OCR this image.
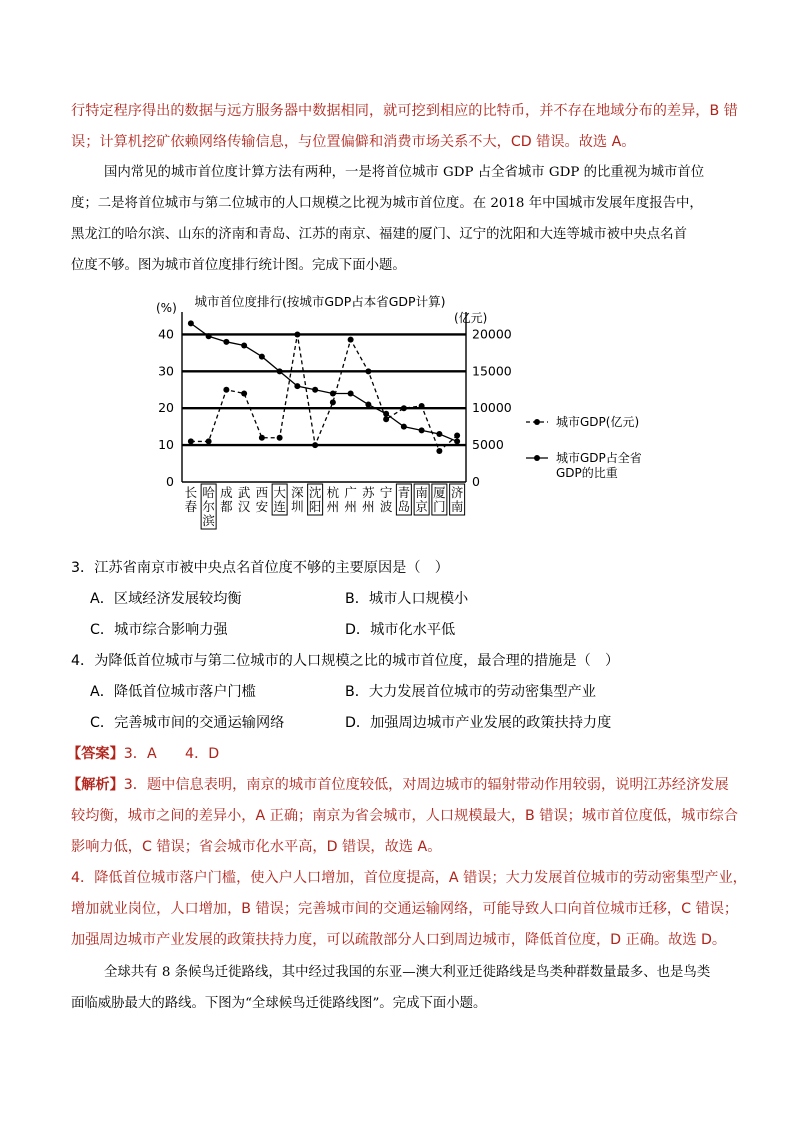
行特定程序得出的数据与远方服务器中数据相同，就可挖到相应的比特币，并不存在地域分布的差异，B 错
误；计算机挖矿依赖网络传输信息，与位置偏僻和消费市场关系不大，CD 错误。故选 A。
国内常见的城市首位度计算方法有两种，一是将首位城市 GDP 占全省城市 GDP 的比重视为城市首位
度；二是将首位城市与第二位城市的人口规模之比视为城市首位度。在 2018 年中国城市发展年度报告中，
黑龙江的哈尔滨、山东的济南和青岛、江苏的南京、福建的厦门、辽宁的沈阳和大连等城市被中央点名首
位度不够。图为城市首位度排行统计图。完成下面小题。
城市首位度排行(按城市GDP占本省GDP计算)
(%)
(亿元)
0
10
20
30
40
0
5000
10000
15000
20000
长春
哈尔滨
成都
武汉
西安
大连
深圳
沈阳
杭州
广州
苏州
宁波
青岛
南京
厦门
济南
城市GDP(亿元)
城市GDP占全省 GDP的比重
3．江苏省南京市被中央点名首位度不够的主要原因是（　）
A．区域经济发展较均衡	B．城市人口规模小
C．城市综合影响力强	D．城市化水平低
4．为降低首位城市与第二位城市的人口规模之比的城市首位度，最合理的措施是（　）
A．降低首位城市落户门槛	B．大力发展首位城市的劳动密集型产业
C．完善城市间的交通运输网络	D．加强周边城市产业发展的政策扶持力度
【答案】3．A　　4．D
【解析】3．题中信息表明，南京的城市首位度较低，对周边城市的辐射带动作用较弱，说明江苏经济发展
较均衡，城市之间的差异小，A 正确；南京为省会城市，人口规模最大，B 错误；城市首位度低，城市综合
影响力低，C 错误；省会城市化水平高，D 错误，故选 A。
4．降低首位城市落户门槛，使入户人口增加，首位度提高，A 错误；大力发展首位城市的劳动密集型产业，
增加就业岗位，人口增加，B 错误；完善城市间的交通运输网络，可能导致人口向首位城市迁移，C 错误；
加强周边城市产业发展的政策扶持力度，可以疏散部分人口到周边城市，降低首位度，D 正确。故选 D。
全球共有 8 条候鸟迁徙路线，其中经过我国的东亚—澳大利亚迁徙路线是鸟类种群数量最多、也是鸟类
面临威胁最大的路线。下图为“全球候鸟迁徙路线图”。完成下面小题。
